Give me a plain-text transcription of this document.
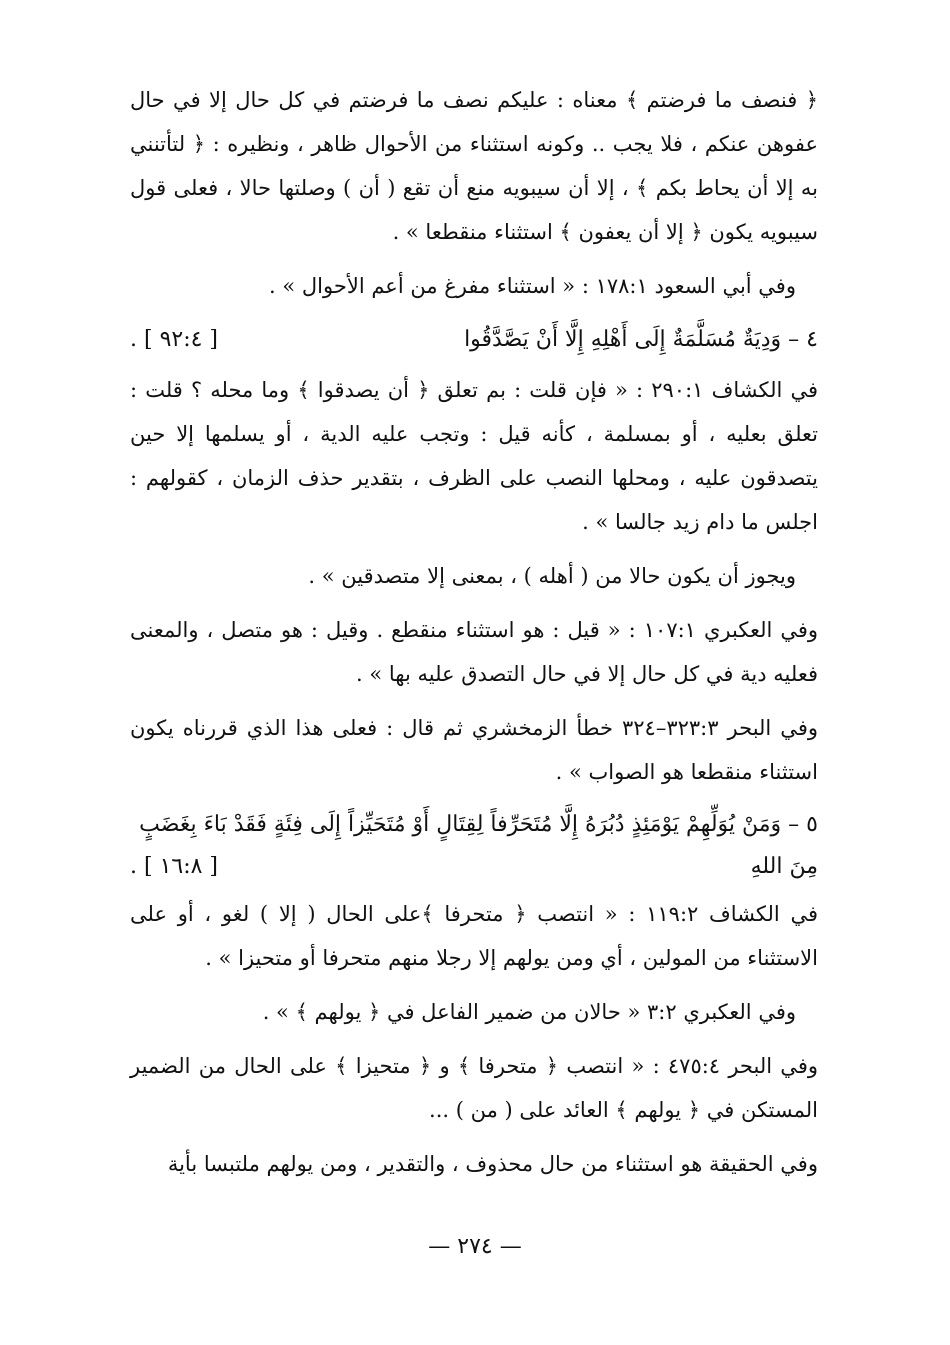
﴿ فنصف ما فرضتم ﴾ معناه : عليكم نصف ما فرضتم في كل حال إلا في حال عفوهن عنكم ، فلا يجب .. وكونه استثناء من الأحوال ظاهر ، ونظيره : ﴿ لتأتنني به إلا أن يحاط بكم ﴾ ، إلا أن سيبويه منع أن تقع ( أن ) وصلتها حالا ، فعلى قول سيبويه يكون ﴿ إلا أن يعفون ﴾ استثناء منقطعا » .

وفي أبي السعود ١٧٨:١ : « استثناء مفرغ من أعم الأحوال » .

٤ – وَدِيَةٌ مُسَلَّمَةٌ إِلَى أَهْلِهِ إِلَّا أَنْ يَصَّدَّقُوا
[ ٩٢:٤ ] .

في الكشاف ٢٩٠:١ : « فإن قلت : بم تعلق ﴿ أن يصدقوا ﴾ وما محله ؟ قلت : تعلق بعليه ، أو بمسلمة ، كأنه قيل : وتجب عليه الدية ، أو يسلمها إلا حين يتصدقون عليه ، ومحلها النصب على الظرف ، بتقدير حذف الزمان ، كقولهم : اجلس ما دام زيد جالسا » .

ويجوز أن يكون حالا من ( أهله ) ، بمعنى إلا متصدقين » .

وفي العكبري ١٠٧:١ : « قيل : هو استثناء منقطع . وقيل : هو متصل ، والمعنى فعليه دية في كل حال إلا في حال التصدق عليه بها » .

وفي البحر ٣٢٣:٣–٣٢٤ خطأ الزمخشري ثم قال : فعلى هذا الذي قررناه يكون استثناء منقطعا هو الصواب » .

٥ – وَمَنْ يُوَلِّهِمْ يَوْمَئِذٍ دُبُرَهُ إِلَّا مُتَحَرِّفاً لِقِتَالٍ أَوْ مُتَحَيِّزاً إِلَى فِئَةٍ فَقَدْ بَاءَ بِغَضَبٍ
مِنَ اللهِ
[ ١٦:٨ ] .

في الكشاف ١١٩:٢ : « انتصب ﴿ متحرفا ﴾على الحال ( إلا ) لغو ، أو على الاستثناء من المولين ، أي ومن يولهم إلا رجلا منهم متحرفا أو متحيزا » .

وفي العكبري ٣:٢ « حالان من ضمير الفاعل في ﴿ يولهم ﴾ » .

وفي البحر ٤٧٥:٤ : « انتصب ﴿ متحرفا ﴾ و ﴿ متحيزا ﴾ على الحال من الضمير المستكن في ﴿ يولهم ﴾ العائد على ( من ) ...

وفي الحقيقة هو استثناء من حال محذوف ، والتقدير ، ومن يولهم ملتبسا بأية

— ٢٧٤ —
